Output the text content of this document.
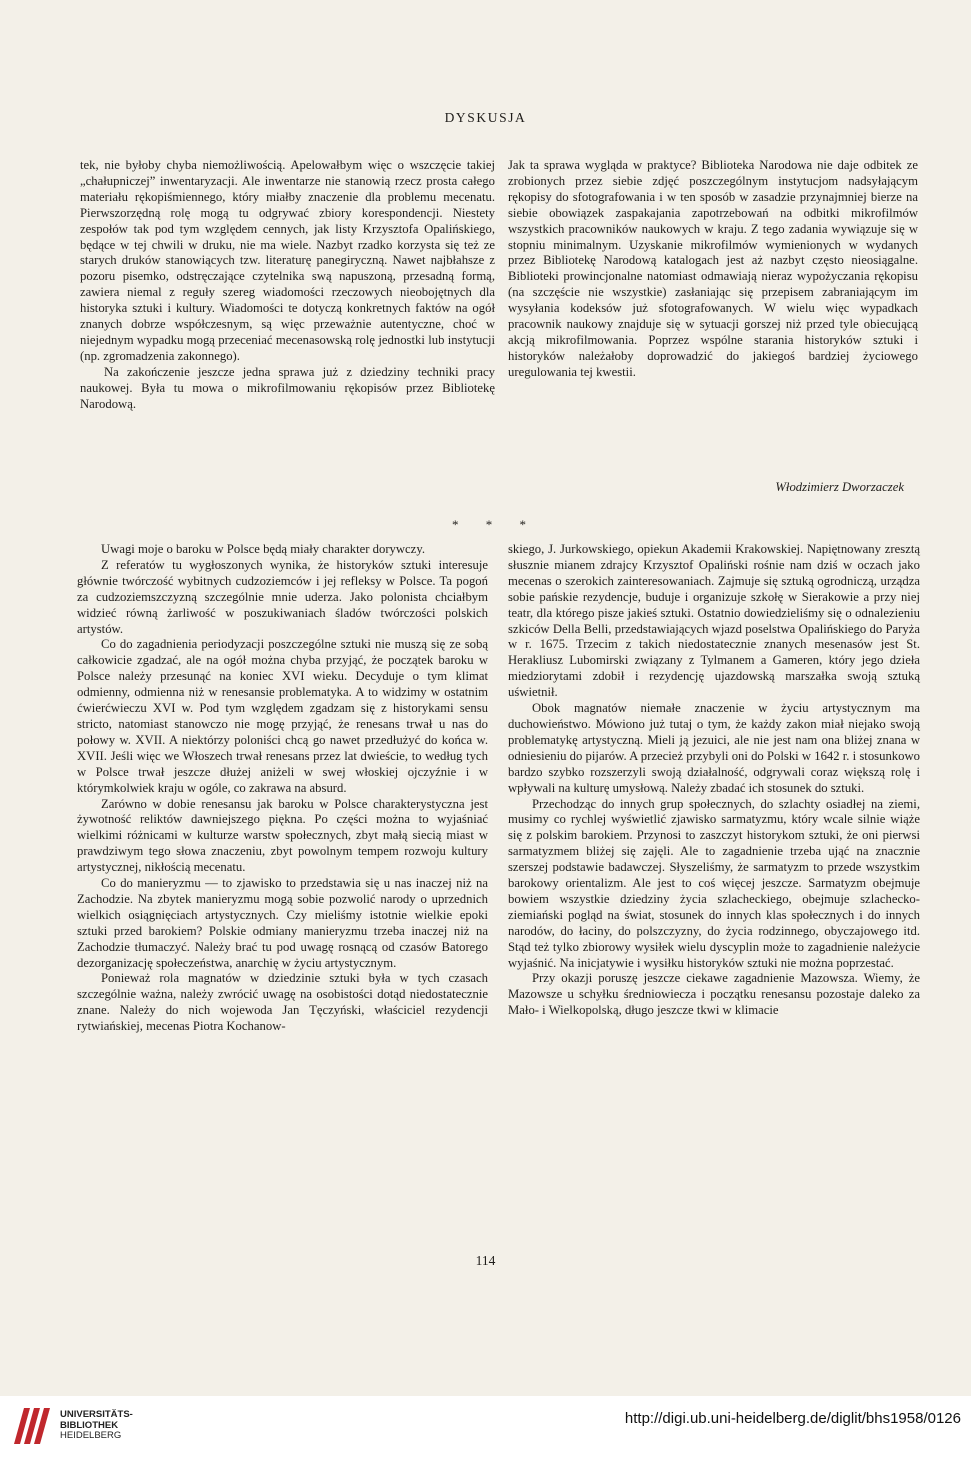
DYSKUSJA

tek, nie byłoby chyba niemożliwością. Apelowałbym więc o wszczęcie takiej „chałupniczej” inwentaryzacji. Ale inwentarze nie stanowią rzecz prosta całego materiału rękopiśmiennego, który miałby znaczenie dla problemu mecenatu. Pierwszorzędną rolę mogą tu odgrywać zbiory korespondencji. Niestety zespołów tak pod tym względem cennych, jak listy Krzysztofa Opalińskiego, będące w tej chwili w druku, nie ma wiele. Nazbyt rzadko korzysta się też ze starych druków stanowiących tzw. literaturę panegiryczną. Nawet najbłahsze z pozoru pisemko, odstręczające czytelnika swą napuszoną, przesadną formą, zawiera niemal z reguły szereg wiadomości rzeczowych nieobojętnych dla historyka sztuki i kultury. Wiadomości te dotyczą konkretnych faktów na ogół znanych dobrze współczesnym, są więc przeważnie autentyczne, choć w niejednym wypadku mogą przeceniać mecenasowską rolę jednostki lub instytucji (np. zgromadzenia zakonnego).

Na zakończenie jeszcze jedna sprawa już z dziedziny techniki pracy naukowej. Była tu mowa o mikrofilmowaniu rękopisów przez Bibliotekę Narodową.

Jak ta sprawa wygląda w praktyce? Biblioteka Narodowa nie daje odbitek ze zrobionych przez siebie zdjęć poszczególnym instytucjom nadsyłającym rękopisy do sfotografowania i w ten sposób w zasadzie przynajmniej bierze na siebie obowiązek zaspakajania zapotrzebowań na odbitki mikrofilmów wszystkich pracowników naukowych w kraju. Z tego zadania wywiązuje się w stopniu minimalnym. Uzyskanie mikrofilmów wymienionych w wydanych przez Bibliotekę Narodową katalogach jest aż nazbyt często nieosiągalne. Biblioteki prowincjonalne natomiast odmawiają nieraz wypożyczania rękopisu (na szczęście nie wszystkie) zasłaniając się przepisem zabraniającym im wysyłania kodeksów już sfotografowanych. W wielu więc wypadkach pracownik naukowy znajduje się w sytuacji gorszej niż przed tyle obiecującą akcją mikrofilmowania. Poprzez wspólne starania historyków sztuki i historyków należałoby doprowadzić do jakiegoś bardziej życiowego uregulowania tej kwestii.

Włodzimierz Dworzaczek
* * *

Uwagi moje o baroku w Polsce będą miały charakter dorywczy.

Z referatów tu wygłoszonych wynika, że historyków sztuki interesuje głównie twórczość wybitnych cudzoziemców i jej refleksy w Polsce. Ta pogoń za cudzoziemszczyzną szczególnie mnie uderza. Jako polonista chciałbym widzieć równą żarliwość w poszukiwaniach śladów twórczości polskich artystów.

Co do zagadnienia periodyzacji poszczególne sztuki nie muszą się ze sobą całkowicie zgadzać, ale na ogół można chyba przyjąć, że początek baroku w Polsce należy przesunąć na koniec XVI wieku. Decyduje o tym klimat odmienny, odmienna niż w renesansie problematyka. A to widzimy w ostatnim ćwierćwieczu XVI w. Pod tym względem zgadzam się z historykami sensu stricto, natomiast stanowczo nie mogę przyjąć, że renesans trwał u nas do połowy w. XVII. A niektórzy poloniści chcą go nawet przedłużyć do końca w. XVII. Jeśli więc we Włoszech trwał renesans przez lat dwieście, to według tych w Polsce trwał jeszcze dłużej aniżeli w swej włoskiej ojczyźnie i w którymkolwiek kraju w ogóle, co zakrawa na absurd.

Zarówno w dobie renesansu jak baroku w Polsce charakterystyczna jest żywotność reliktów dawniejszego piękna. Po części można to wyjaśniać wielkimi różnicami w kulturze warstw społecznych, zbyt małą siecią miast w prawdziwym tego słowa znaczeniu, zbyt powolnym tempem rozwoju kultury artystycznej, nikłością mecenatu.

Co do manieryzmu — to zjawisko to przedstawia się u nas inaczej niż na Zachodzie. Na zbytek manieryzmu mogą sobie pozwolić narody o uprzednich wielkich osiągnięciach artystycznych. Czy mieliśmy istotnie wielkie epoki sztuki przed barokiem? Polskie odmiany manieryzmu trzeba inaczej niż na Zachodzie tłumaczyć. Należy brać tu pod uwagę rosnącą od czasów Batorego dezorganizację społeczeństwa, anarchię w życiu artystycznym.

Ponieważ rola magnatów w dziedzinie sztuki była w tych czasach szczególnie ważna, należy zwrócić uwagę na osobistości dotąd niedostatecznie znane. Należy do nich wojewoda Jan Tęczyński, właściciel rezydencji rytwiańskiej, mecenas Piotra Kochanow-

skiego, J. Jurkowskiego, opiekun Akademii Krakowskiej. Napiętnowany zresztą słusznie mianem zdrajcy Krzysztof Opaliński rośnie nam dziś w oczach jako mecenas o szerokich zainteresowaniach. Zajmuje się sztuką ogrodniczą, urządza sobie pańskie rezydencje, buduje i organizuje szkołę w Sierakowie a przy niej teatr, dla którego pisze jakieś sztuki. Ostatnio dowiedzieliśmy się o odnalezieniu szkiców Della Belli, przedstawiających wjazd poselstwa Opalińskiego do Paryża w r. 1675. Trzecim z takich niedostatecznie znanych mesenasów jest St. Herakliusz Lubomirski związany z Tylmanem a Gameren, który jego dzieła miedziorytami zdobił i rezydencję ujazdowską marszałka swoją sztuką uświetnił.

Obok magnatów niemałe znaczenie w życiu artystycznym ma duchowieństwo. Mówiono już tutaj o tym, że każdy zakon miał niejako swoją problematykę artystyczną. Mieli ją jezuici, ale nie jest nam ona bliżej znana w odniesieniu do pijarów. A przecież przybyli oni do Polski w 1642 r. i stosunkowo bardzo szybko rozszerzyli swoją działalność, odgrywali coraz większą rolę i wpływali na kulturę umysłową. Należy zbadać ich stosunek do sztuki.

Przechodząc do innych grup społecznych, do szlachty osiadłej na ziemi, musimy co rychlej wyświetlić zjawisko sarmatyzmu, który wcale silnie wiąże się z polskim barokiem. Przynosi to zaszczyt historykom sztuki, że oni pierwsi sarmatyzmem bliżej się zajęli. Ale to zagadnienie trzeba ująć na znacznie szerszej podstawie badawczej. Słyszeliśmy, że sarmatyzm to przede wszystkim barokowy orientalizm. Ale jest to coś więcej jeszcze. Sarmatyzm obejmuje bowiem wszystkie dziedziny życia szlacheckiego, obejmuje szlachecko-ziemiański pogląd na świat, stosunek do innych klas społecznych i do innych narodów, do łaciny, do polszczyzny, do życia rodzinnego, obyczajowego itd. Stąd też tylko zbiorowy wysiłek wielu dyscyplin może to zagadnienie należycie wyjaśnić. Na inicjatywie i wysiłku historyków sztuki nie można poprzestać.

Przy okazji poruszę jeszcze ciekawe zagadnienie Mazowsza. Wiemy, że Mazowsze u schyłku średniowiecza i początku renesansu pozostaje daleko za Mało- i Wielkopolską, długo jeszcze tkwi w klimacie

114
UNIVERSITÄTS-
BIBLIOTHEK
HEIDELBERG
http://digi.ub.uni-heidelberg.de/diglit/bhs1958/0126
